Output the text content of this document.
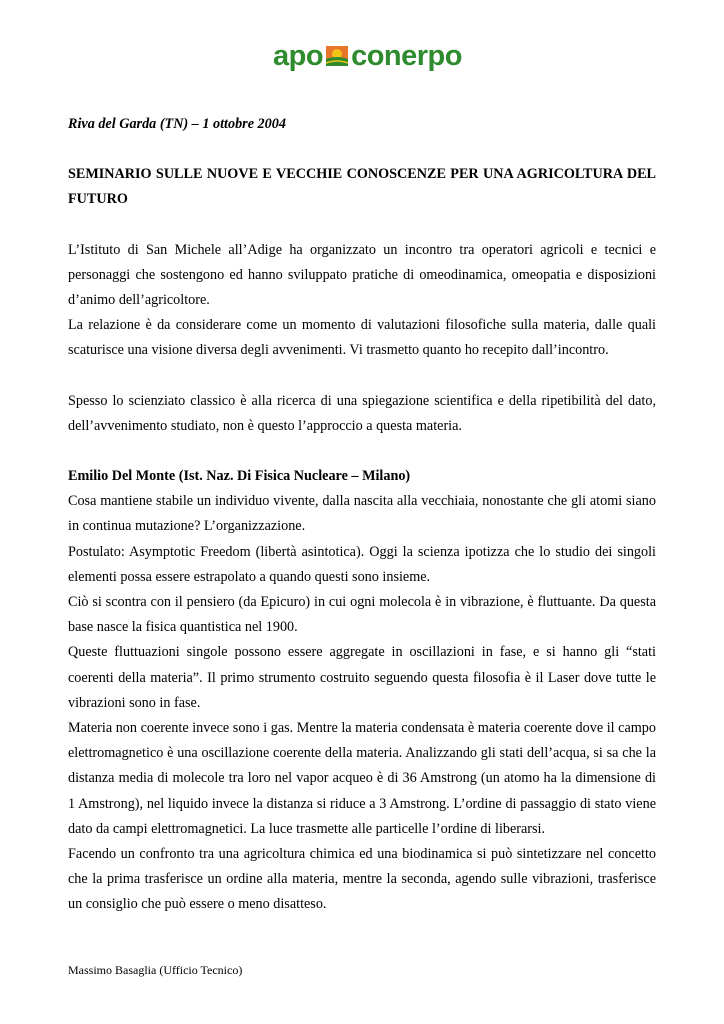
apo conerpo

Riva del Garda (TN) – 1 ottobre 2004

SEMINARIO SULLE NUOVE E VECCHIE CONOSCENZE PER UNA AGRICOLTURA DEL FUTURO

L’Istituto di San Michele all’Adige ha organizzato un incontro tra operatori agricoli e tecnici e personaggi che sostengono ed hanno sviluppato pratiche di omeodinamica, omeopatia e disposizioni d’animo dell’agricoltore.

La relazione è da considerare come un momento di valutazioni filosofiche sulla materia, dalle quali scaturisce una visione diversa degli avvenimenti. Vi trasmetto quanto ho recepito dall’incontro.

Spesso lo scienziato classico è alla ricerca di una spiegazione scientifica e della ripetibilità del dato, dell’avvenimento studiato, non è questo l’approccio a questa materia.

Emilio Del Monte (Ist. Naz. Di Fisica Nucleare – Milano)

Cosa mantiene stabile un individuo vivente, dalla nascita alla vecchiaia, nonostante che gli atomi siano in continua mutazione? L’organizzazione.

Postulato: Asymptotic Freedom (libertà asintotica). Oggi la scienza ipotizza che lo studio dei singoli elementi possa essere estrapolato a quando questi sono insieme.

Ciò si scontra con il pensiero (da Epicuro) in cui ogni molecola è in vibrazione, è fluttuante. Da questa base nasce la fisica quantistica nel 1900.

Queste fluttuazioni singole possono essere aggregate in oscillazioni in fase, e si hanno gli “stati coerenti della materia”. Il primo strumento costruito seguendo questa filosofia è il Laser dove tutte le vibrazioni sono in fase.

Materia non coerente invece sono i gas. Mentre la materia condensata è materia coerente dove il campo elettromagnetico è una oscillazione coerente della materia. Analizzando gli stati dell’acqua, si sa che la distanza media di molecole tra loro nel vapor acqueo è di 36 Amstrong (un atomo ha la dimensione di 1 Amstrong), nel liquido invece la distanza si riduce a 3 Amstrong. L’ordine di passaggio di stato viene dato da campi elettromagnetici. La luce trasmette alle particelle l’ordine di liberarsi.

Facendo un confronto tra una agricoltura chimica ed una biodinamica si può sintetizzare nel concetto che la prima trasferisce un ordine alla materia, mentre la seconda, agendo sulle vibrazioni, trasferisce un consiglio che può essere o meno disatteso.

Massimo Basaglia (Ufficio Tecnico)
